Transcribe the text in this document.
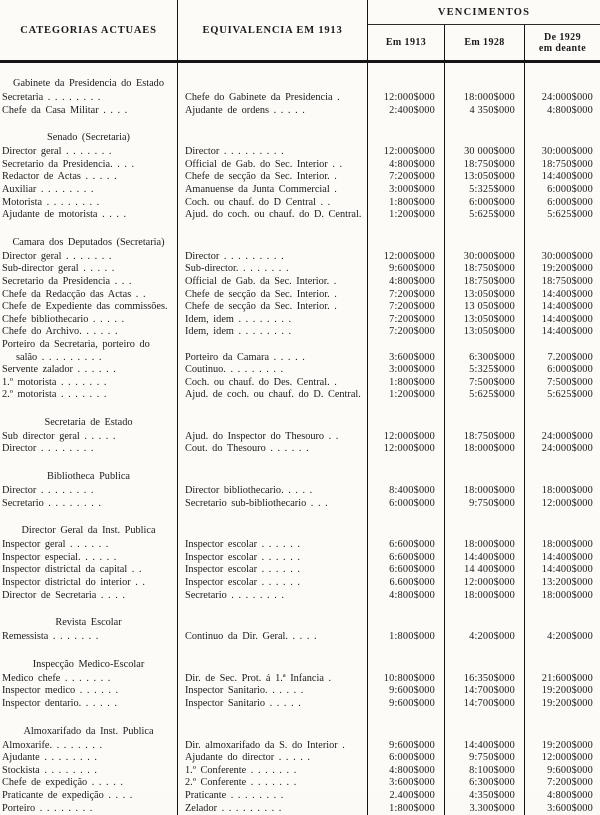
CATEGORIAS ACTUAES	EQUIVALENCIA EM 1913
VENCIMENTOS
Em 1913	Em 1928	De 1929
em deante
Gabinete da Presidencia do Estado
Secretaria . . . . . . . .	Chefe do Gabinete da Presidencia .	12:000$000	18:000$000	24:000$000
Chefe da Casa Militar . . . .	Ajudante de ordens . . . . .	2:400$000	4 350$000	4:800$000
Senado (Secretaria)
Director geral . . . . . . .	Director . . . . . . . . .	12:000$000	30 000$000	30:000$000
Secretario da Presidencia. . . .	Official de Gab. do Sec. Interior . .	4:800$000	18:750$000	18:750$000
Redactor de Actas . . . . .	Chefe de secção da Sec. Interior. .	7:200$000	13:050$000	14:400$000
Auxiliar . . . . . . . .	Amanuense da Junta Commercial .	3:000$000	5:325$000	6:000$000
Motorista . . . . . . . .	Coch. ou chauf. do D Central . .	1:800$000	6:000$000	6:000$000
Ajudante de motorista . . . .	Ajud. do coch. ou chauf. do D. Central.	1:200$000	5:625$000	5:625$000
Camara dos Deputados (Secretaria)
Director geral . . . . . . .	Director . . . . . . . . .	12:000$000	30:000$000	30:000$000
Sub-director geral . . . . .	Sub-director. . . . . . . .	9:600$000	18:750$000	19:200$000
Secretario da Presidencia . . .	Official de Gab. da Sec. Interior. .	4:800$000	18:750$000	18:750$000
Chefe da Redacção das Actas . .	Chefe de secção da Sec. Interior. .	7:200$000	13:050$000	14:400$000
Chefe de Expediente das commissões.	Chefe de secção da Sec. Interior. .	7:200$000	13 050$000	14:400$000
Chefe bibliothecario . . . . .	Idem, idem . . . . . . . .	7:200$000	13:050$000	14:400$000
Chefe do Archivo. . . . . .	Idem, idem . . . . . . . .	7:200$000	13:050$000	14:400$000
Porteiro da Secretaria, porteiro do
salão . . . . . . . . .	Porteiro da Camara . . . . .	3:600$000	6:300$000	7.200$000
Servente zalador . . . . . .	Coutinuo. . . . . . . . .	3:000$000	5:325$000	6:000$000
1.º motorista . . . . . . .	Coch. ou chauf. do Des. Central. .	1:800$000	7:500$000	7:500$000
2.º motorista . . . . . . .	Ajud. de coch. ou chauf. do D. Central.	1:200$000	5:625$000	5:625$000
Secretaria de Estado
Sub director geral . . . . .	Ajud. do Inspector do Thesouro . .	12:000$000	18:750$000	24:000$000
Director . . . . . . . .	Cout. do Thesouro . . . . . .	12:000$000	18:000$000	24:000$000
Bibliotheca Publica
Director . . . . . . . .	Director bibliothecario. . . . .	8:400$000	18:000$000	18:000$000
Secretario . . . . . . . .	Secretario sub-bibliothecario . . .	6:000$000	9:750$000	12:000$000
Director Geral da Inst. Publica
Inspector geral . . . . . .	Inspector escolar . . . . . .	6:600$000	18:000$000	18:000$000
Inspector especial. . . . . .	Inspector escolar . . . . . .	6:600$000	14:400$000	14:400$000
Inspector districtal da capital . .	Inspector escolar . . . . . .	6:600$000	14 400$000	14:400$000
Inspector districtal do interior . .	Inspector escolar . . . . . .	6.600$000	12:000$000	13:200$000
Director de Secretaria . . . .	Secretario . . . . . . . .	4:800$000	18:000$000	18:000$000
Revista Escolar
Remessista . . . . . . .	Continuo da Dir. Geral. . . . .	1:800$000	4:200$000	4:200$000
Inspecção Medico-Escolar
Medico chefe . . . . . . .	Dir. de Sec. Prot. á 1.ª Infancia .	10:800$000	16:350$000	21:600$000
Inspector medico . . . . . .	Inspector Sanitario. . . . . .	9:600$000	14:700$000	19:200$000
Inspector dentario. . . . . .	Inspector Sanitario . . . . .	9:600$000	14:700$000	19:200$000
Almoxarifado da Inst. Publica
Almoxarife. . . . . . . .	Dir. almoxarifado da S. do Interior .	9:600$000	14:400$000	19:200$000
Ajudante . . . . . . . .	Ajudante do director . . . . .	6:000$000	9:750$000	12:000$000
Stockista . . . . . . . .	1.º Conferente . . . . . . .	4:800$000	8:100$000	9:600$000
Chefe de expedição . . . . .	2.º Conferente . . . . . . .	3:600$000	6:300$000	7:200$000
Praticante de expedição . . . .	Praticante . . . . . . . .	2.400$000	4:350$000	4:800$000
Porteiro . . . . . . . .	Zelador . . . . . . . . .	1:800$000	3.300$000	3:600$000
